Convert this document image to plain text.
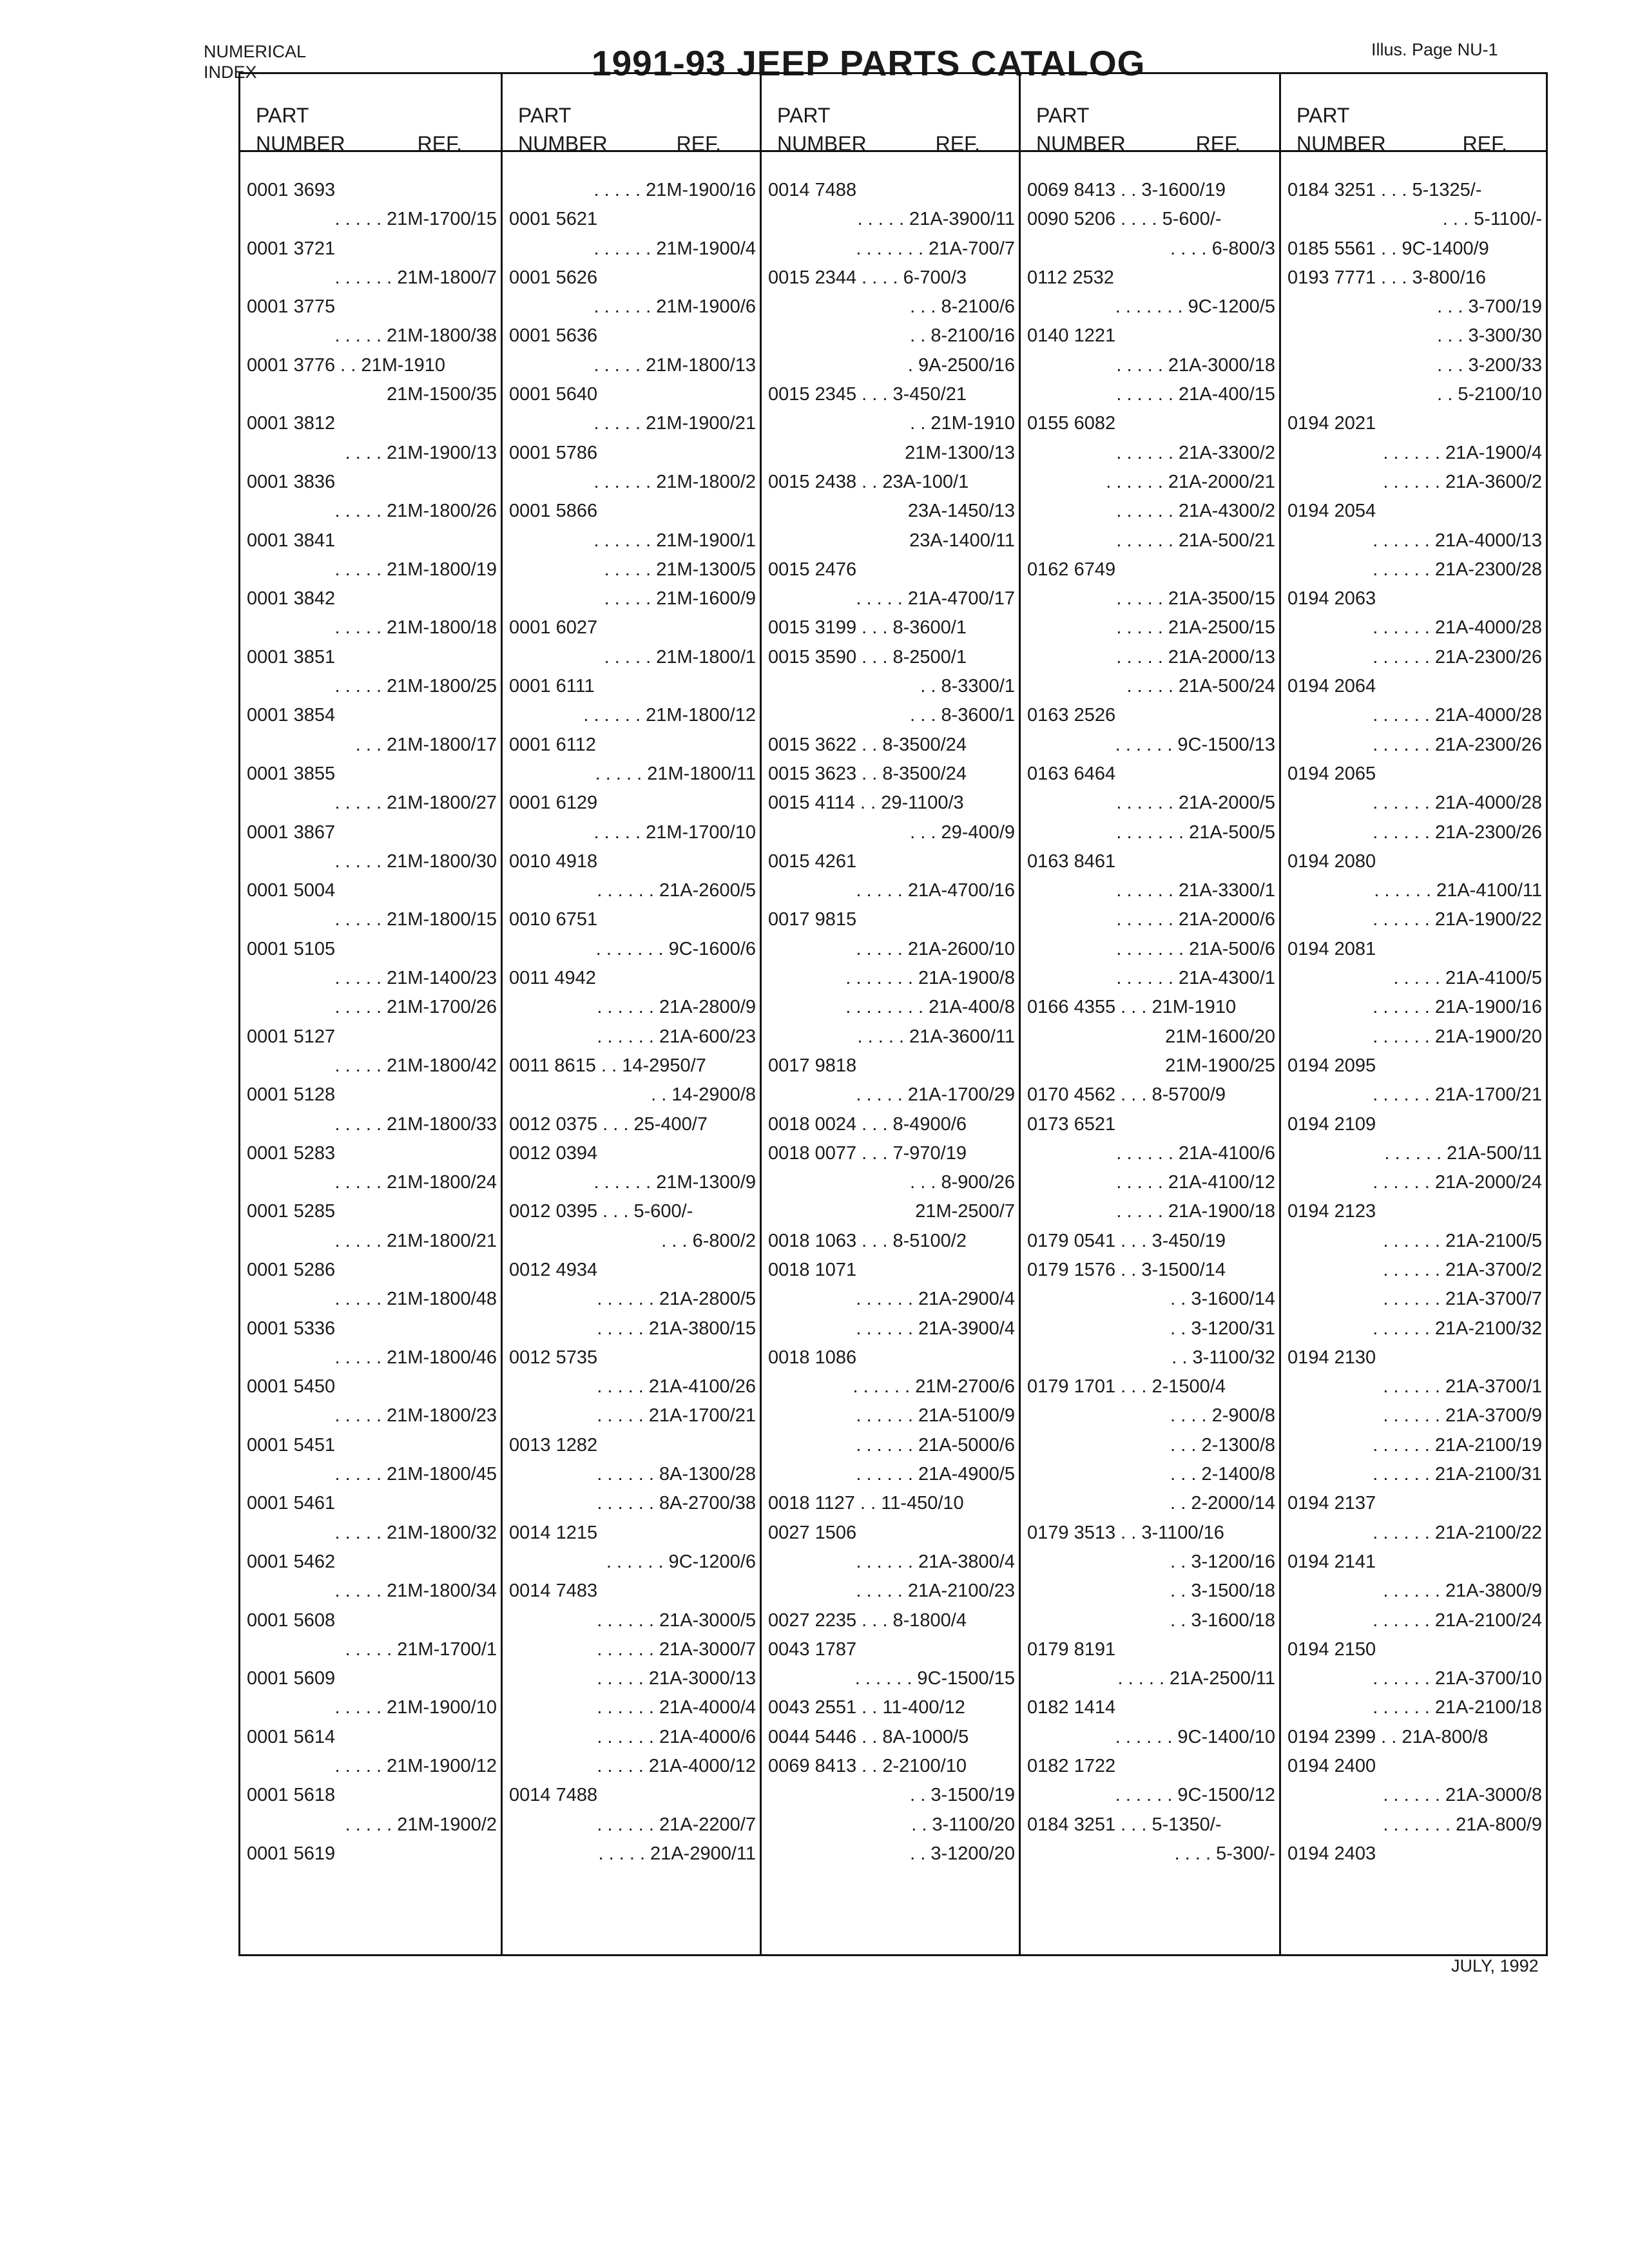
NUMERICAL
INDEX	1991-93 JEEP PARTS CATALOG	Illus. Page NU-1
PART
NUMBER	REF.
0001 3693
. . . . . 21M-1700/15
0001 3721
. . . . . . 21M-1800/7
0001 3775
. . . . . 21M-1800/38
0001 3776 . . 21M-1910
21M-1500/35
0001 3812
. . . . 21M-1900/13
0001 3836
. . . . . 21M-1800/26
0001 3841
. . . . . 21M-1800/19
0001 3842
. . . . . 21M-1800/18
0001 3851
. . . . . 21M-1800/25
0001 3854
. . . 21M-1800/17
0001 3855
. . . . . 21M-1800/27
0001 3867
. . . . . 21M-1800/30
0001 5004
. . . . . 21M-1800/15
0001 5105
. . . . . 21M-1400/23
. . . . . 21M-1700/26
0001 5127
. . . . . 21M-1800/42
0001 5128
. . . . . 21M-1800/33
0001 5283
. . . . . 21M-1800/24
0001 5285
. . . . . 21M-1800/21
0001 5286
. . . . . 21M-1800/48
0001 5336
. . . . . 21M-1800/46
0001 5450
. . . . . 21M-1800/23
0001 5451
. . . . . 21M-1800/45
0001 5461
. . . . . 21M-1800/32
0001 5462
. . . . . 21M-1800/34
0001 5608
. . . . . 21M-1700/1
0001 5609
. . . . . 21M-1900/10
0001 5614
. . . . . 21M-1900/12
0001 5618
. . . . . 21M-1900/2
0001 5619
PART
NUMBER	REF.
. . . . . 21M-1900/16
0001 5621
. . . . . . 21M-1900/4
0001 5626
. . . . . . 21M-1900/6
0001 5636
. . . . . 21M-1800/13
0001 5640
. . . . . 21M-1900/21
0001 5786
. . . . . . 21M-1800/2
0001 5866
. . . . . . 21M-1900/1
. . . . . 21M-1300/5
. . . . . 21M-1600/9
0001 6027
. . . . . 21M-1800/1
0001 6111
. . . . . . 21M-1800/12
0001 6112
. . . . . 21M-1800/11
0001 6129
. . . . . 21M-1700/10
0010 4918
. . . . . . 21A-2600/5
0010 6751
. . . . . . . 9C-1600/6
0011 4942
. . . . . . 21A-2800/9
. . . . . . 21A-600/23
0011 8615 . . 14-2950/7
. . 14-2900/8
0012 0375 . . . 25-400/7
0012 0394
. . . . . . 21M-1300/9
0012 0395 . . . 5-600/-
. . . 6-800/2
0012 4934
. . . . . . 21A-2800/5
. . . . . 21A-3800/15
0012 5735
. . . . . 21A-4100/26
. . . . . 21A-1700/21
0013 1282
. . . . . . 8A-1300/28
. . . . . . 8A-2700/38
0014 1215
. . . . . . 9C-1200/6
0014 7483
. . . . . . 21A-3000/5
. . . . . . 21A-3000/7
. . . . . 21A-3000/13
. . . . . . 21A-4000/4
. . . . . . 21A-4000/6
. . . . . 21A-4000/12
0014 7488
. . . . . . 21A-2200/7
. . . . . 21A-2900/11
PART
NUMBER	REF.
0014 7488
. . . . . 21A-3900/11
. . . . . . . 21A-700/7
0015 2344 . . . . 6-700/3
. . . 8-2100/6
. . 8-2100/16
. 9A-2500/16
0015 2345 . . . 3-450/21
. . 21M-1910
21M-1300/13
0015 2438 . . 23A-100/1
23A-1450/13
23A-1400/11
0015 2476
. . . . . 21A-4700/17
0015 3199 . . . 8-3600/1
0015 3590 . . . 8-2500/1
. . 8-3300/1
. . . 8-3600/1
0015 3622 . . 8-3500/24
0015 3623 . . 8-3500/24
0015 4114 . . 29-1100/3
. . . 29-400/9
0015 4261
. . . . . 21A-4700/16
0017 9815
. . . . . 21A-2600/10
. . . . . . . 21A-1900/8
. . . . . . . . 21A-400/8
. . . . . 21A-3600/11
0017 9818
. . . . . 21A-1700/29
0018 0024 . . . 8-4900/6
0018 0077 . . . 7-970/19
. . . 8-900/26
21M-2500/7
0018 1063 . . . 8-5100/2
0018 1071
. . . . . . 21A-2900/4
. . . . . . 21A-3900/4
0018 1086
. . . . . . 21M-2700/6
. . . . . . 21A-5100/9
. . . . . . 21A-5000/6
. . . . . . 21A-4900/5
0018 1127 . . 11-450/10
0027 1506
. . . . . . 21A-3800/4
. . . . . 21A-2100/23
0027 2235 . . . 8-1800/4
0043 1787
. . . . . . 9C-1500/15
0043 2551 . . 11-400/12
0044 5446 . . 8A-1000/5
0069 8413 . . 2-2100/10
. . 3-1500/19
. . 3-1100/20
. . 3-1200/20
PART
NUMBER	REF.
0069 8413 . . 3-1600/19
0090 5206 . . . . 5-600/-
. . . . 6-800/3
0112 2532
. . . . . . . 9C-1200/5
0140 1221
. . . . . 21A-3000/18
. . . . . . 21A-400/15
0155 6082
. . . . . . 21A-3300/2
. . . . . . 21A-2000/21
. . . . . . 21A-4300/2
. . . . . . 21A-500/21
0162 6749
. . . . . 21A-3500/15
. . . . . 21A-2500/15
. . . . . 21A-2000/13
. . . . . 21A-500/24
0163 2526
. . . . . . 9C-1500/13
0163 6464
. . . . . . 21A-2000/5
. . . . . . . 21A-500/5
0163 8461
. . . . . . 21A-3300/1
. . . . . . 21A-2000/6
. . . . . . . 21A-500/6
. . . . . . 21A-4300/1
0166 4355 . . . 21M-1910
21M-1600/20
21M-1900/25
0170 4562 . . . 8-5700/9
0173 6521
. . . . . . 21A-4100/6
. . . . . 21A-4100/12
. . . . . 21A-1900/18
0179 0541 . . . 3-450/19
0179 1576 . . 3-1500/14
. . 3-1600/14
. . 3-1200/31
. . 3-1100/32
0179 1701 . . . 2-1500/4
. . . . 2-900/8
. . . 2-1300/8
. . . 2-1400/8
. . 2-2000/14
0179 3513 . . 3-1100/16
. . 3-1200/16
. . 3-1500/18
. . 3-1600/18
0179 8191
. . . . . 21A-2500/11
0182 1414
. . . . . . 9C-1400/10
0182 1722
. . . . . . 9C-1500/12
0184 3251 . . . 5-1350/-
. . . . 5-300/-
PART
NUMBER	REF.
0184 3251 . . . 5-1325/-
. . . 5-1100/-
0185 5561 . . 9C-1400/9
0193 7771 . . . 3-800/16
. . . 3-700/19
. . . 3-300/30
. . . 3-200/33
. . 5-2100/10
0194 2021
. . . . . . 21A-1900/4
. . . . . . 21A-3600/2
0194 2054
. . . . . . 21A-4000/13
. . . . . . 21A-2300/28
0194 2063
. . . . . . 21A-4000/28
. . . . . . 21A-2300/26
0194 2064
. . . . . . 21A-4000/28
. . . . . . 21A-2300/26
0194 2065
. . . . . . 21A-4000/28
. . . . . . 21A-2300/26
0194 2080
. . . . . . 21A-4100/11
. . . . . . 21A-1900/22
0194 2081
. . . . . 21A-4100/5
. . . . . . 21A-1900/16
. . . . . . 21A-1900/20
0194 2095
. . . . . . 21A-1700/21
0194 2109
. . . . . . 21A-500/11
. . . . . . 21A-2000/24
0194 2123
. . . . . . 21A-2100/5
. . . . . . 21A-3700/2
. . . . . . 21A-3700/7
. . . . . . 21A-2100/32
0194 2130
. . . . . . 21A-3700/1
. . . . . . 21A-3700/9
. . . . . . 21A-2100/19
. . . . . . 21A-2100/31
0194 2137
. . . . . . 21A-2100/22
0194 2141
. . . . . . 21A-3800/9
. . . . . . 21A-2100/24
0194 2150
. . . . . . 21A-3700/10
. . . . . . 21A-2100/18
0194 2399 . . 21A-800/8
0194 2400
. . . . . . 21A-3000/8
. . . . . . . 21A-800/9
0194 2403
JULY, 1992
